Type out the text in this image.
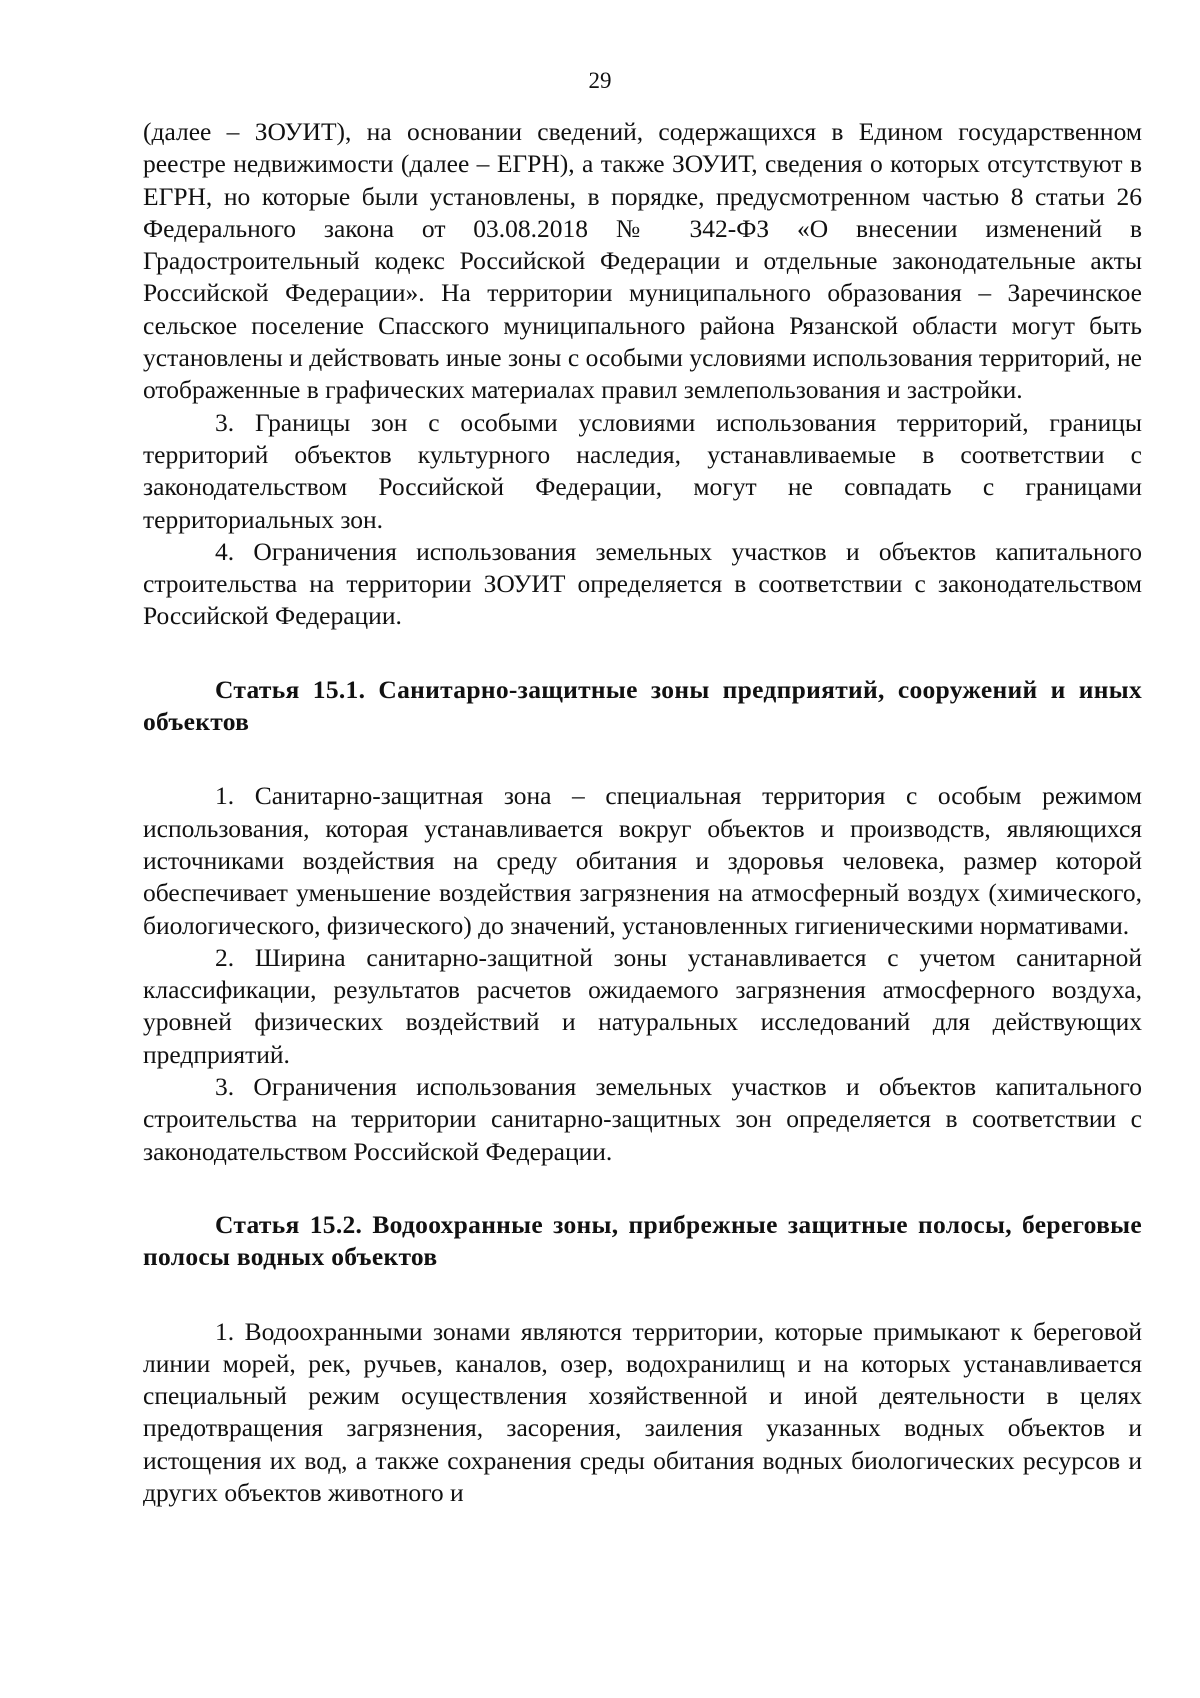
29

(далее – ЗОУИТ), на основании сведений, содержащихся в Едином государственном реестре недвижимости (далее – ЕГРН), а также ЗОУИТ, сведения о которых отсутствуют в ЕГРН, но которые были установлены, в порядке, предусмотренном частью 8 статьи 26 Федерального закона от 03.08.2018 № 342-ФЗ «О внесении изменений в Градостроительный кодекс Российской Федерации и отдельные законодательные акты Российской Федерации». На территории муниципального образования – Заречинское сельское поселение Спасского муниципального района Рязанской области могут быть установлены и действовать иные зоны с особыми условиями использования территорий, не отображенные в графических материалах правил землепользования и застройки.

3. Границы зон с особыми условиями использования территорий, границы территорий объектов культурного наследия, устанавливаемые в соответствии с законодательством Российской Федерации, могут не совпадать с границами территориальных зон.

4. Ограничения использования земельных участков и объектов капитального строительства на территории ЗОУИТ определяется в соответствии с законодательством Российской Федерации.

Статья 15.1. Санитарно-защитные зоны предприятий, сооружений и иных объектов

1. Санитарно-защитная зона – специальная территория с особым режимом использования, которая устанавливается вокруг объектов и производств, являющихся источниками воздействия на среду обитания и здоровья человека, размер которой обеспечивает уменьшение воздействия загрязнения на атмосферный воздух (химического, биологического, физического) до значений, установленных гигиеническими нормативами.

2. Ширина санитарно-защитной зоны устанавливается с учетом санитарной классификации, результатов расчетов ожидаемого загрязнения атмосферного воздуха, уровней физических воздействий и натуральных исследований для действующих предприятий.

3. Ограничения использования земельных участков и объектов капитального строительства на территории санитарно-защитных зон определяется в соответствии с законодательством Российской Федерации.

Статья 15.2. Водоохранные зоны, прибрежные защитные полосы, береговые полосы водных объектов

1. Водоохранными зонами являются территории, которые примыкают к береговой линии морей, рек, ручьев, каналов, озер, водохранилищ и на которых устанавливается специальный режим осуществления хозяйственной и иной деятельности в целях предотвращения загрязнения, засорения, заиления указанных водных объектов и истощения их вод, а также сохранения среды обитания водных биологических ресурсов и других объектов животного и
